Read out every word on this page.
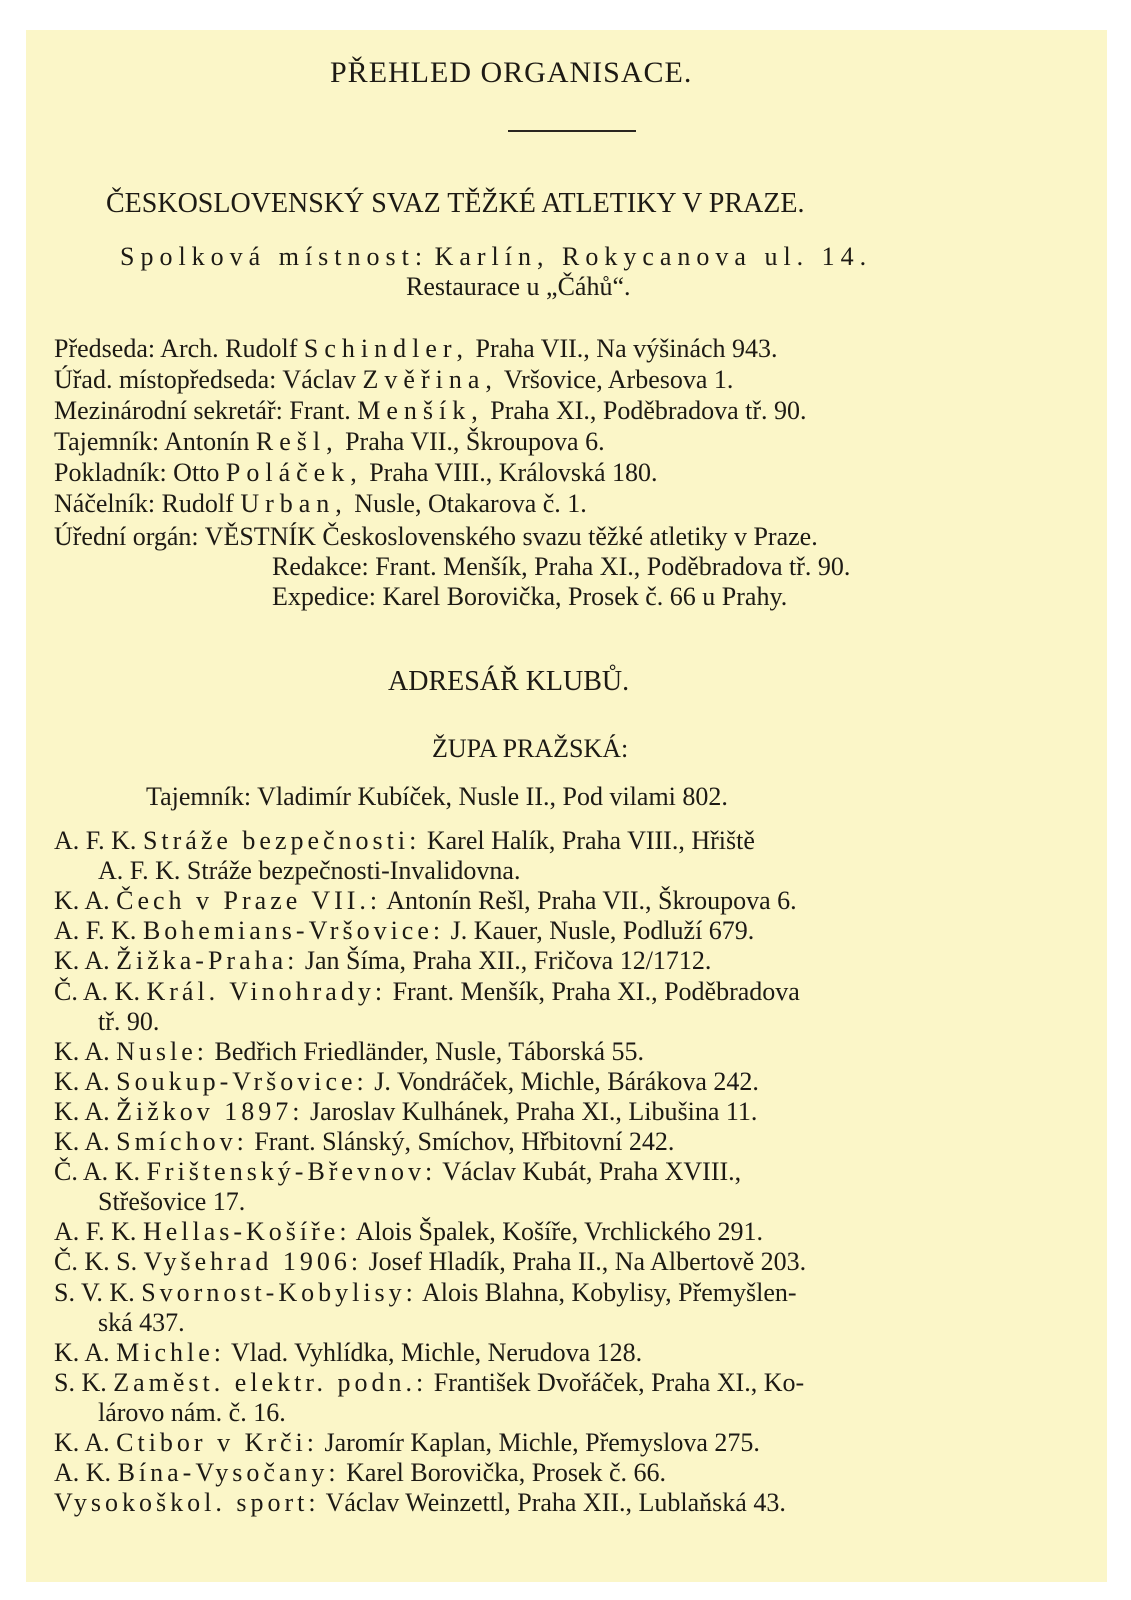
PŘEHLED ORGANISACE.
ČESKOSLOVENSKÝ SVAZ TĚŽKÉ ATLETIKY V PRAZE.
Spolková místnost: Karlín, Rokycanova ul. 14.
Restaurace u „Čáhů“.
Předseda: Arch. Rudolf Schindler, Praha VII., Na výšinách 943.
Úřad. místopředseda: Václav Zvěřina, Vršovice, Arbesova 1.
Mezinárodní sekretář: Frant. Menšík, Praha XI., Poděbradova tř. 90.
Tajemník: Antonín Rešl, Praha VII., Škroupova 6.
Pokladník: Otto Poláček, Praha VIII., Královská 180.
Náčelník: Rudolf Urban, Nusle, Otakarova č. 1.
Úřední orgán: VĚSTNÍK Československého svazu těžké atletiky v Praze.
Redakce: Frant. Menšík, Praha XI., Poděbradova tř. 90.
Expedice: Karel Borovička, Prosek č. 66 u Prahy.
ADRESÁŘ KLUBŮ.
ŽUPA PRAŽSKÁ:
Tajemník: Vladimír Kubíček, Nusle II., Pod vilami 802.
A. F. K. Stráže bezpečnosti: Karel Halík, Praha VIII., Hřiště
A. F. K. Stráže bezpečnosti-Invalidovna.
K. A. Čech v Praze VII.: Antonín Rešl, Praha VII., Škroupova 6.
A. F. K. Bohemians-Vršovice: J. Kauer, Nusle, Podluží 679.
K. A. Žižka-Praha: Jan Šíma, Praha XII., Fričova 12/1712.
Č. A. K. Král. Vinohrady: Frant. Menšík, Praha XI., Poděbradova
tř. 90.
K. A. Nusle: Bedřich Friedländer, Nusle, Táborská 55.
K. A. Soukup-Vršovice: J. Vondráček, Michle, Bárákova 242.
K. A. Žižkov 1897: Jaroslav Kulhánek, Praha XI., Libušina 11.
K. A. Smíchov: Frant. Slánský, Smíchov, Hřbitovní 242.
Č. A. K. Frištenský-Břevnov: Václav Kubát, Praha XVIII.,
Střešovice 17.
A. F. K. Hellas-Košíře: Alois Špalek, Košíře, Vrchlického 291.
Č. K. S. Vyšehrad 1906: Josef Hladík, Praha II., Na Albertově 203.
S. V. K. Svornost-Kobylisy: Alois Blahna, Kobylisy, Přemyšlen-
ská 437.
K. A. Michle: Vlad. Vyhlídka, Michle, Nerudova 128.
S. K. Zaměst. elektr. podn.: František Dvořáček, Praha XI., Ko-
lárovo nám. č. 16.
K. A. Ctibor v Krči: Jaromír Kaplan, Michle, Přemyslova 275.
A. K. Bína-Vysočany: Karel Borovička, Prosek č. 66.
Vysokoškol. sport: Václav Weinzettl, Praha XII., Lublaňská 43.
